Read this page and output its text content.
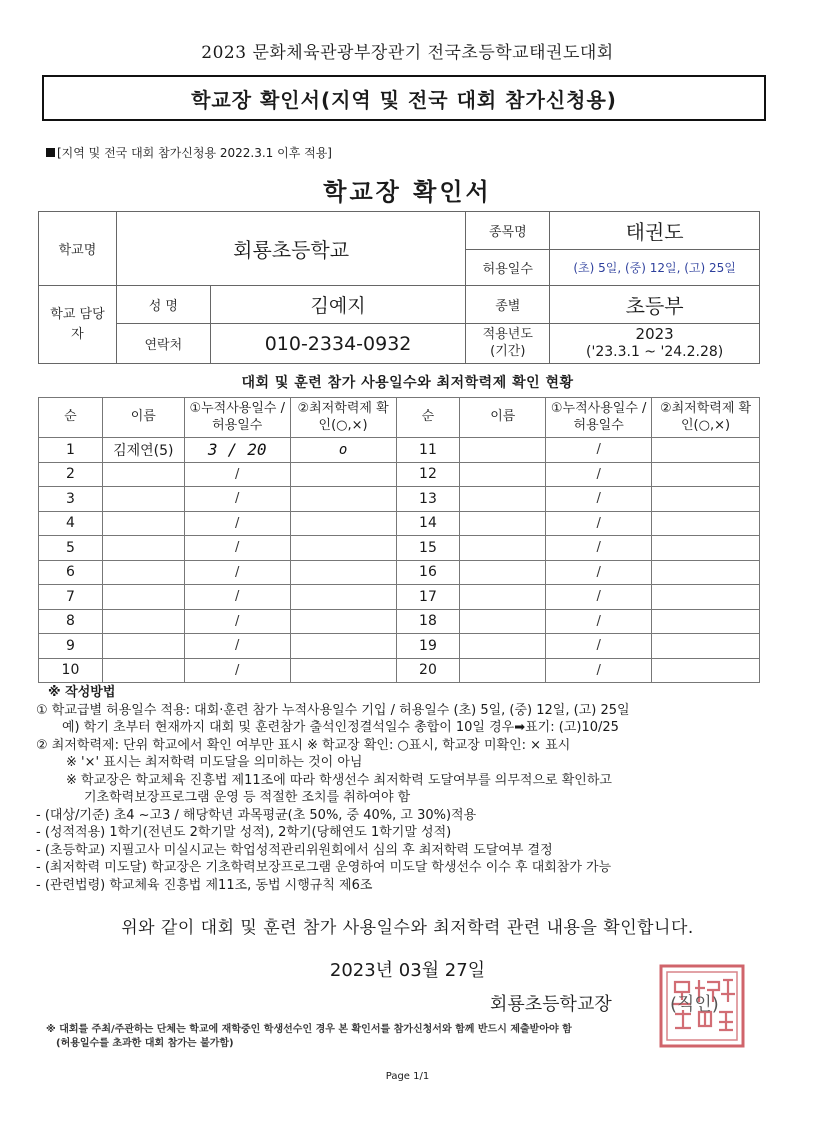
2023 문화체육관광부장관기 전국초등학교태권도대회
학교장 확인서(지역 및 전국 대회 참가신청용)
[지역 및 전국 대회 참가신청용 2022.3.1 이후 적용]
학교장 확인서
학교명	회룡초등학교		종목명	태권도
			허용일수	(초) 5일, (중) 12일, (고) 25일
학교 담당자	성 명	김예지	종별	초등부
	연락처	010-2334-0932	적용년도 (기간)	2023
('23.3.1 ~ '24.2.28)
대회 및 훈련 참가 사용일수와 최저학력제 확인 현황
순	이름	①누적사용일수 /허용일수	②최저학력제 확인(○,×)	순	이름	①누적사용일수 /허용일수	②최저학력제 확인(○,×)
1	김제연(5)	3 / 20	o	11		/	
2		/		12		/	
3		/		13		/	
4		/		14		/	
5		/		15		/	
6		/		16		/	
7		/		17		/	
8		/		18		/	
9		/		19		/	
10		/		20		/	
※ 작성방법
① 학교급별 허용일수 적용: 대회·훈련 참가 누적사용일수 기입 / 허용일수 (초) 5일, (중) 12일, (고) 25일
예) 학기 초부터 현재까지 대회 및 훈련참가 출석인정결석일수 총합이 10일 경우➡표기: (고)10/25
② 최저학력제: 단위 학교에서 확인 여부만 표시 ※ 학교장 확인: ○표시, 학교장 미확인: × 표시
※ '×' 표시는 최저학력 미도달을 의미하는 것이 아님
※ 학교장은 학교체육 진흥법 제11조에 따라 학생선수 최저학력 도달여부를 의무적으로 확인하고
기초학력보장프로그램 운영 등 적절한 조치를 취하여야 함
- (대상/기준) 초4 ~고3 / 해당학년 과목평균(초 50%, 중 40%, 고 30%)적용
- (성적적용) 1학기(전년도 2학기말 성적), 2학기(당해연도 1학기말 성적)
- (초등학교) 지필고사 미실시교는 학업성적관리위원회에서 심의 후 최저학력 도달여부 결정
- (최저학력 미도달) 학교장은 기초학력보장프로그램 운영하여 미도달 학생선수 이수 후 대회참가 가능
- (관련법령) 학교체육 진흥법 제11조, 동법 시행규칙 제6조
위와 같이 대회 및 훈련 참가 사용일수와 최저학력 관련 내용을 확인합니다.
2023년 03월 27일
회룡초등학교장	(직인)
※ 대회를 주최/주관하는 단체는 학교에 재학중인 학생선수인 경우 본 확인서를 참가신청서와 함께 반드시 제출받아야 함
(허용일수를 초과한 대회 참가는 불가함)
Page 1/1
